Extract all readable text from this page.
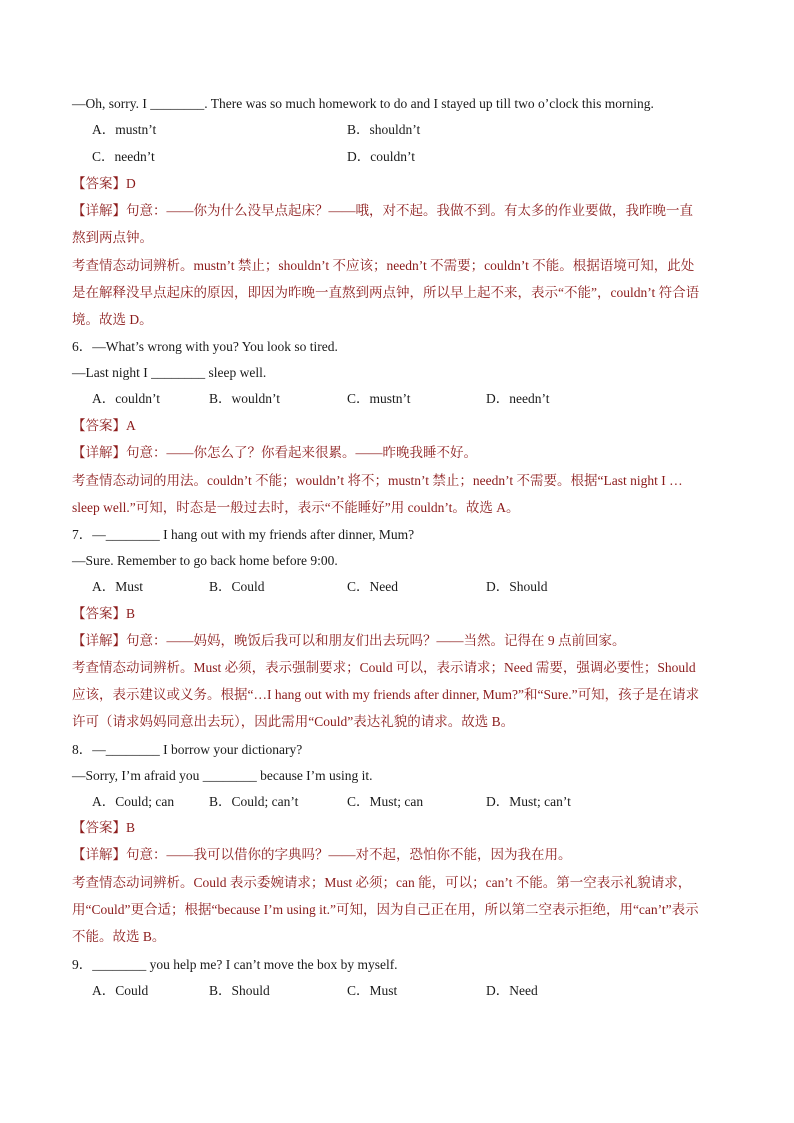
—Oh, sorry. I ________. There was so much homework to do and I stayed up till two o’clock this morning.
A．mustn’t	B．shouldn’t
C．needn’t	D．couldn’t
【答案】D
【详解】句意：——你为什么没早点起床？——哦，对不起。我做不到。有太多的作业要做，我昨晚一直
熬到两点钟。
考查情态动词辨析。mustn’t 禁止；shouldn’t 不应该；needn’t 不需要；couldn’t 不能。根据语境可知，此处
是在解释没早点起床的原因，即因为昨晚一直熬到两点钟，所以早上起不来，表示“不能”，couldn’t 符合语
境。故选 D。
6．—What’s wrong with you? You look so tired.
—Last night I ________ sleep well.
A．couldn’t	B．wouldn’t	C．mustn’t	D．needn’t
【答案】A
【详解】句意：——你怎么了？你看起来很累。——昨晚我睡不好。
考查情态动词的用法。couldn’t 不能；wouldn’t 将不；mustn’t 禁止；needn’t 不需要。根据“Last night I …
sleep well.”可知，时态是一般过去时，表示“不能睡好”用 couldn’t。故选 A。
7．—________ I hang out with my friends after dinner, Mum?
—Sure. Remember to go back home before 9:00.
A．Must	B．Could	C．Need	D．Should
【答案】B
【详解】句意：——妈妈，晚饭后我可以和朋友们出去玩吗？——当然。记得在 9 点前回家。
考查情态动词辨析。Must 必须，表示强制要求；Could 可以，表示请求；Need 需要，强调必要性；Should
应该，表示建议或义务。根据“…I hang out with my friends after dinner, Mum?”和“Sure.”可知，孩子是在请求
许可（请求妈妈同意出去玩），因此需用“Could”表达礼貌的请求。故选 B。
8．—________ I borrow your dictionary?
—Sorry, I’m afraid you ________ because I’m using it.
A．Could; can	B．Could; can’t	C．Must; can	D．Must; can’t
【答案】B
【详解】句意：——我可以借你的字典吗？——对不起，恐怕你不能，因为我在用。
考查情态动词辨析。Could 表示委婉请求；Must 必须；can 能，可以；can’t 不能。第一空表示礼貌请求，
用“Could”更合适；根据“because I’m using it.”可知，因为自己正在用，所以第二空表示拒绝，用“can’t”表示
不能。故选 B。
9．________ you help me? I can’t move the box by myself.
A．Could	B．Should	C．Must	D．Need
